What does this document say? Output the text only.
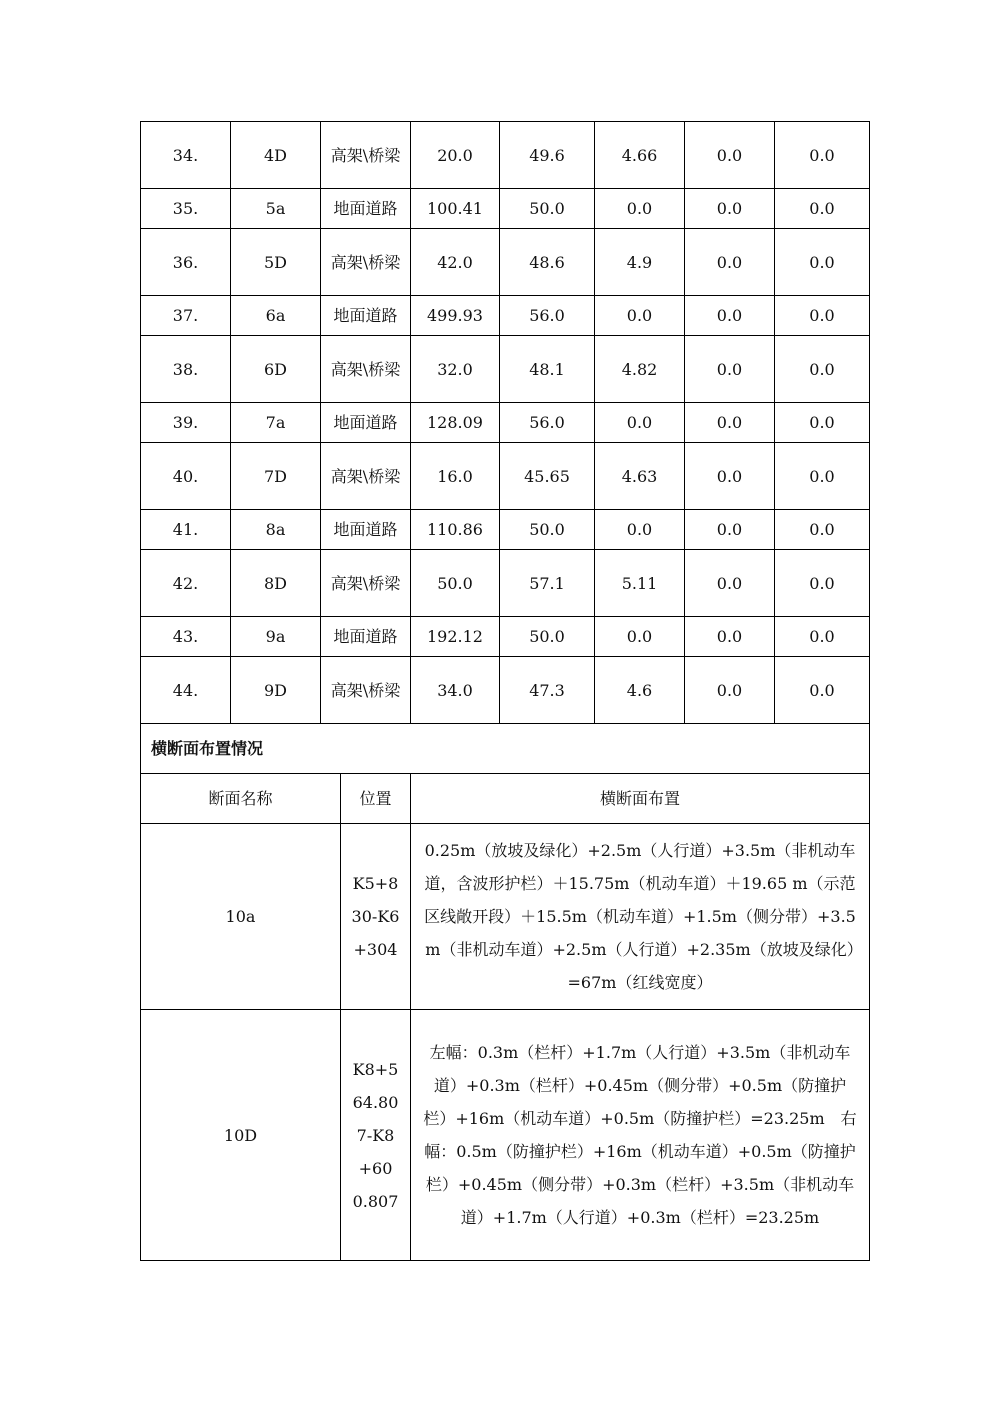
34.	4D	高架\桥梁		20.0	49.6	4.66	0.0	0.0
35.	5a	地面道路		100.41	50.0	0.0	0.0	0.0
36.	5D	高架\桥梁		42.0	48.6	4.9	0.0	0.0
37.	6a	地面道路		499.93	56.0	0.0	0.0	0.0
38.	6D	高架\桥梁		32.0	48.1	4.82	0.0	0.0
39.	7a	地面道路		128.09	56.0	0.0	0.0	0.0
40.	7D	高架\桥梁		16.0	45.65	4.63	0.0	0.0
41.	8a	地面道路		110.86	50.0	0.0	0.0	0.0
42.	8D	高架\桥梁		50.0	57.1	5.11	0.0	0.0
43.	9a	地面道路		192.12	50.0	0.0	0.0	0.0
44.	9D	高架\桥梁		34.0	47.3	4.6	0.0	0.0
横断面布置情况								
断面名称			位置	横断面布置				
10a			K5+830-K6+304	0.25m（放坡及绿化）+2.5m（人行道）+3.5m（非机动车道，含波形护栏）＋15.75m（机动车道）＋19.65 m（示范区线敞开段）＋15.5m（机动车道）+1.5m（侧分带）+3.5m（非机动车道）+2.5m（人行道）+2.35m（放坡及绿化）=67m（红线宽度）				
10D			K8+564.807-K8+600.807	左幅：0.3m（栏杆）+1.7m（人行道）+3.5m（非机动车道）+0.3m（栏杆）+0.45m（侧分带）+0.5m（防撞护栏）+16m（机动车道）+0.5m（防撞护栏）=23.25m　右幅：0.5m（防撞护栏）+16m（机动车道）+0.5m（防撞护栏）+0.45m（侧分带）+0.3m（栏杆）+3.5m（非机动车道）+1.7m（人行道）+0.3m（栏杆）=23.25m				
